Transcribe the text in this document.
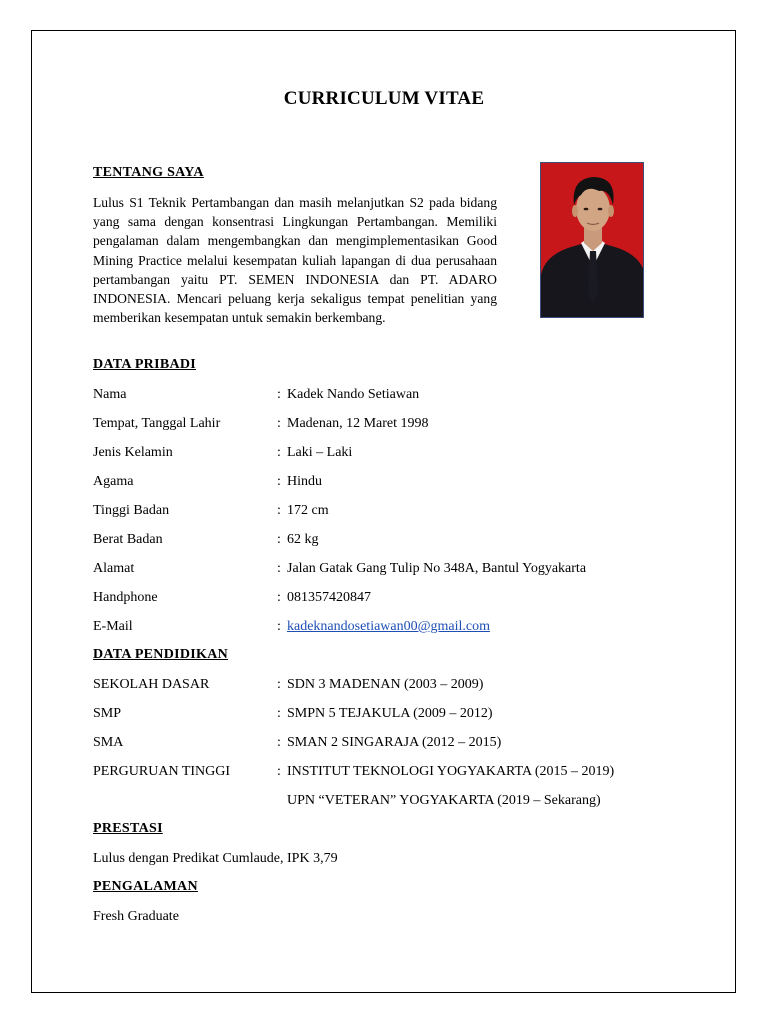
CURRICULUM VITAE
TENTANG SAYA
Lulus S1 Teknik Pertambangan dan masih melanjutkan S2 pada bidang yang sama dengan konsentrasi Lingkungan Pertambangan. Memiliki pengalaman dalam mengembangkan dan mengimplementasikan Good Mining Practice melalui kesempatan kuliah lapangan di dua perusahaan pertambangan yaitu PT. SEMEN INDONESIA dan PT. ADARO INDONESIA. Mencari peluang kerja sekaligus tempat penelitian yang memberikan kesempatan untuk semakin berkembang.
DATA PRIBADI
Nama	: Kadek Nando Setiawan
Tempat, Tanggal Lahir	: Madenan, 12 Maret 1998
Jenis Kelamin	: Laki – Laki
Agama	: Hindu
Tinggi Badan	: 172 cm
Berat Badan	: 62 kg
Alamat	: Jalan Gatak Gang Tulip No 348A, Bantul Yogyakarta
Handphone	: 081357420847
E-Mail	: kadeknandosetiawan00@gmail.com
DATA PENDIDIKAN
SEKOLAH DASAR	: SDN 3 MADENAN (2003 – 2009)
SMP	: SMPN 5 TEJAKULA (2009 – 2012)
SMA	: SMAN 2 SINGARAJA (2012 – 2015)
PERGURUAN TINGGI	: INSTITUT TEKNOLOGI YOGYAKARTA (2015 – 2019)
UPN “VETERAN” YOGYAKARTA (2019 – Sekarang)
PRESTASI
Lulus dengan Predikat Cumlaude, IPK 3,79
PENGALAMAN
Fresh Graduate
